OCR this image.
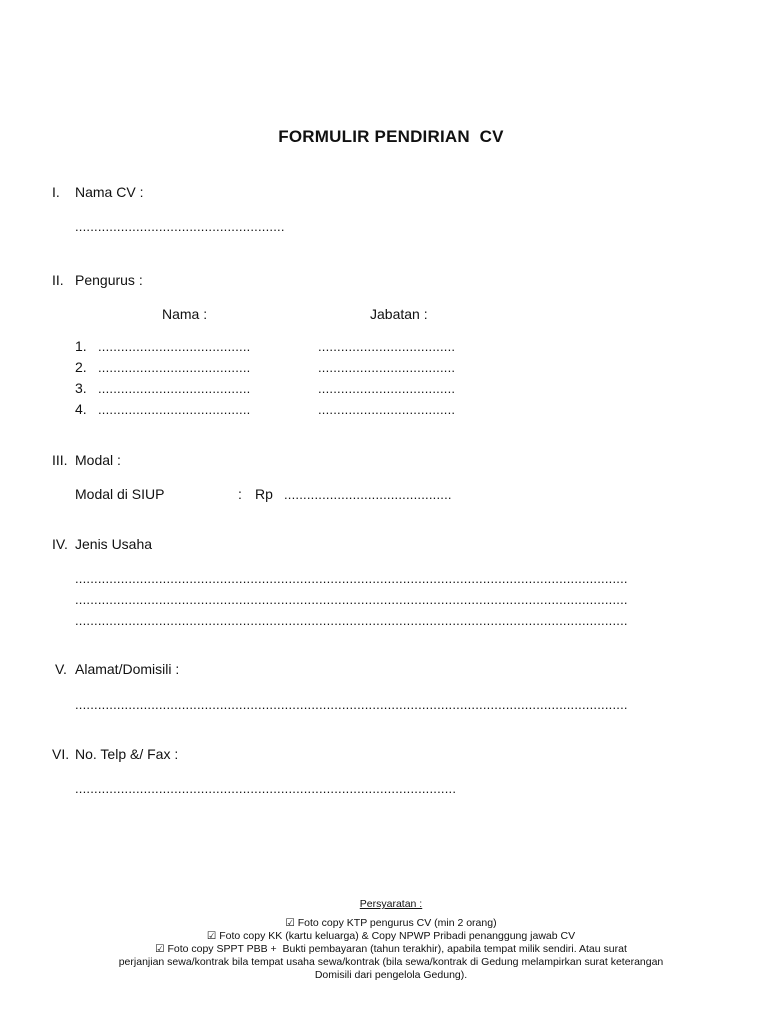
FORMULIR PENDIRIAN  CV
I. Nama CV :
.......................................................
II. Pengurus :
Nama :	Jabatan :
1. ........................................	....................................
2. ........................................	....................................
3. ........................................	....................................
4. ........................................	....................................
III. Modal :
Modal di SIUP	: Rp ............................................
IV. Jenis Usaha
.................................................................................................................................................
.................................................................................................................................................
.................................................................................................................................................
V. Alamat/Domisili :
.................................................................................................................................................
VI. No. Telp &/ Fax :
....................................................................................................
Persyaratan :
☑ Foto copy KTP pengurus CV (min 2 orang)
☑ Foto copy KK (kartu keluarga) & Copy NPWP Pribadi penanggung jawab CV
☑ Foto copy SPPT PBB +  Bukti pembayaran (tahun terakhir), apabila tempat milik sendiri. Atau surat
perjanjian sewa/kontrak bila tempat usaha sewa/kontrak (bila sewa/kontrak di Gedung melampirkan surat keterangan
Domisili dari pengelola Gedung).
